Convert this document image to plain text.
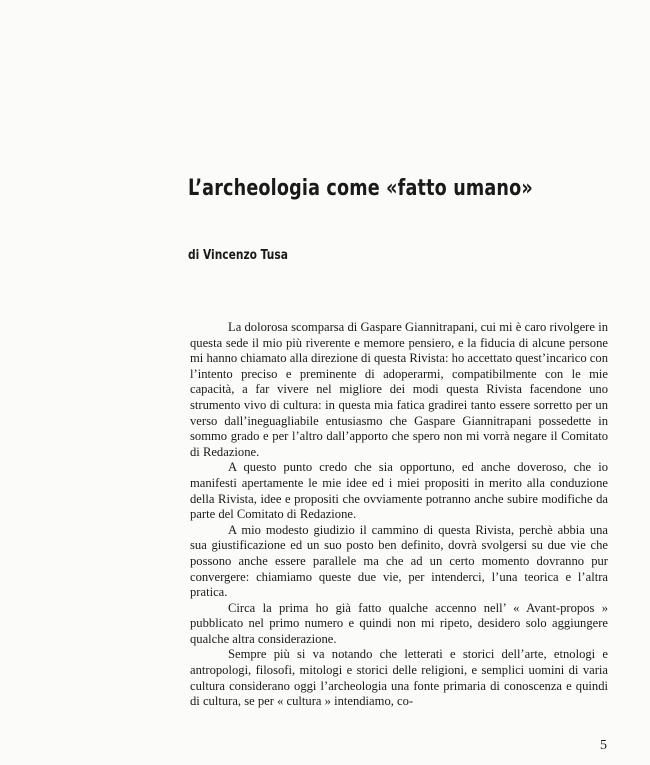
L’archeologia come «fatto umano»
di Vincenzo Tusa

La dolorosa scomparsa di Gaspare Giannitrapani, cui mi è caro rivolgere in questa sede il mio più riverente e memore pensiero, e la fiducia di alcune persone mi hanno chiamato alla direzione di questa Rivista: ho accettato quest’incarico con l’intento preciso e preminente di adoperarmi, compatibilmente con le mie capacità, a far vivere nel migliore dei modi questa Rivista facendone uno strumento vivo di cultura: in questa mia fatica gradirei tanto essere sorretto per un verso dall’ineguagliabile entusiasmo che Gaspare Giannitrapani possedette in sommo grado e per l’altro dall’apporto che spero non mi vorrà negare il Comitato di Redazione.

A questo punto credo che sia opportuno, ed anche doveroso, che io manifesti apertamente le mie idee ed i miei propositi in merito alla conduzione della Rivista, idee e propositi che ovviamente potranno anche subire modifiche da parte del Comitato di Redazione.

A mio modesto giudizio il cammino di questa Rivista, perchè abbia una sua giustificazione ed un suo posto ben definito, dovrà svolgersi su due vie che possono anche essere parallele ma che ad un certo momento dovranno pur convergere: chiamiamo queste due vie, per intenderci, l’una teorica e l’altra pratica.

Circa la prima ho già fatto qualche accenno nell’ « Avant-propos » pubblicato nel primo numero e quindi non mi ripeto, desidero solo aggiungere qualche altra considerazione.

Sempre più si va notando che letterati e storici dell’arte, etnologi e antropologi, filosofi, mitologi e storici delle religioni, e semplici uomini di varia cultura considerano oggi l’archeologia una fonte primaria di conoscenza e quindi di cultura, se per « cultura » intendiamo, co-

5
